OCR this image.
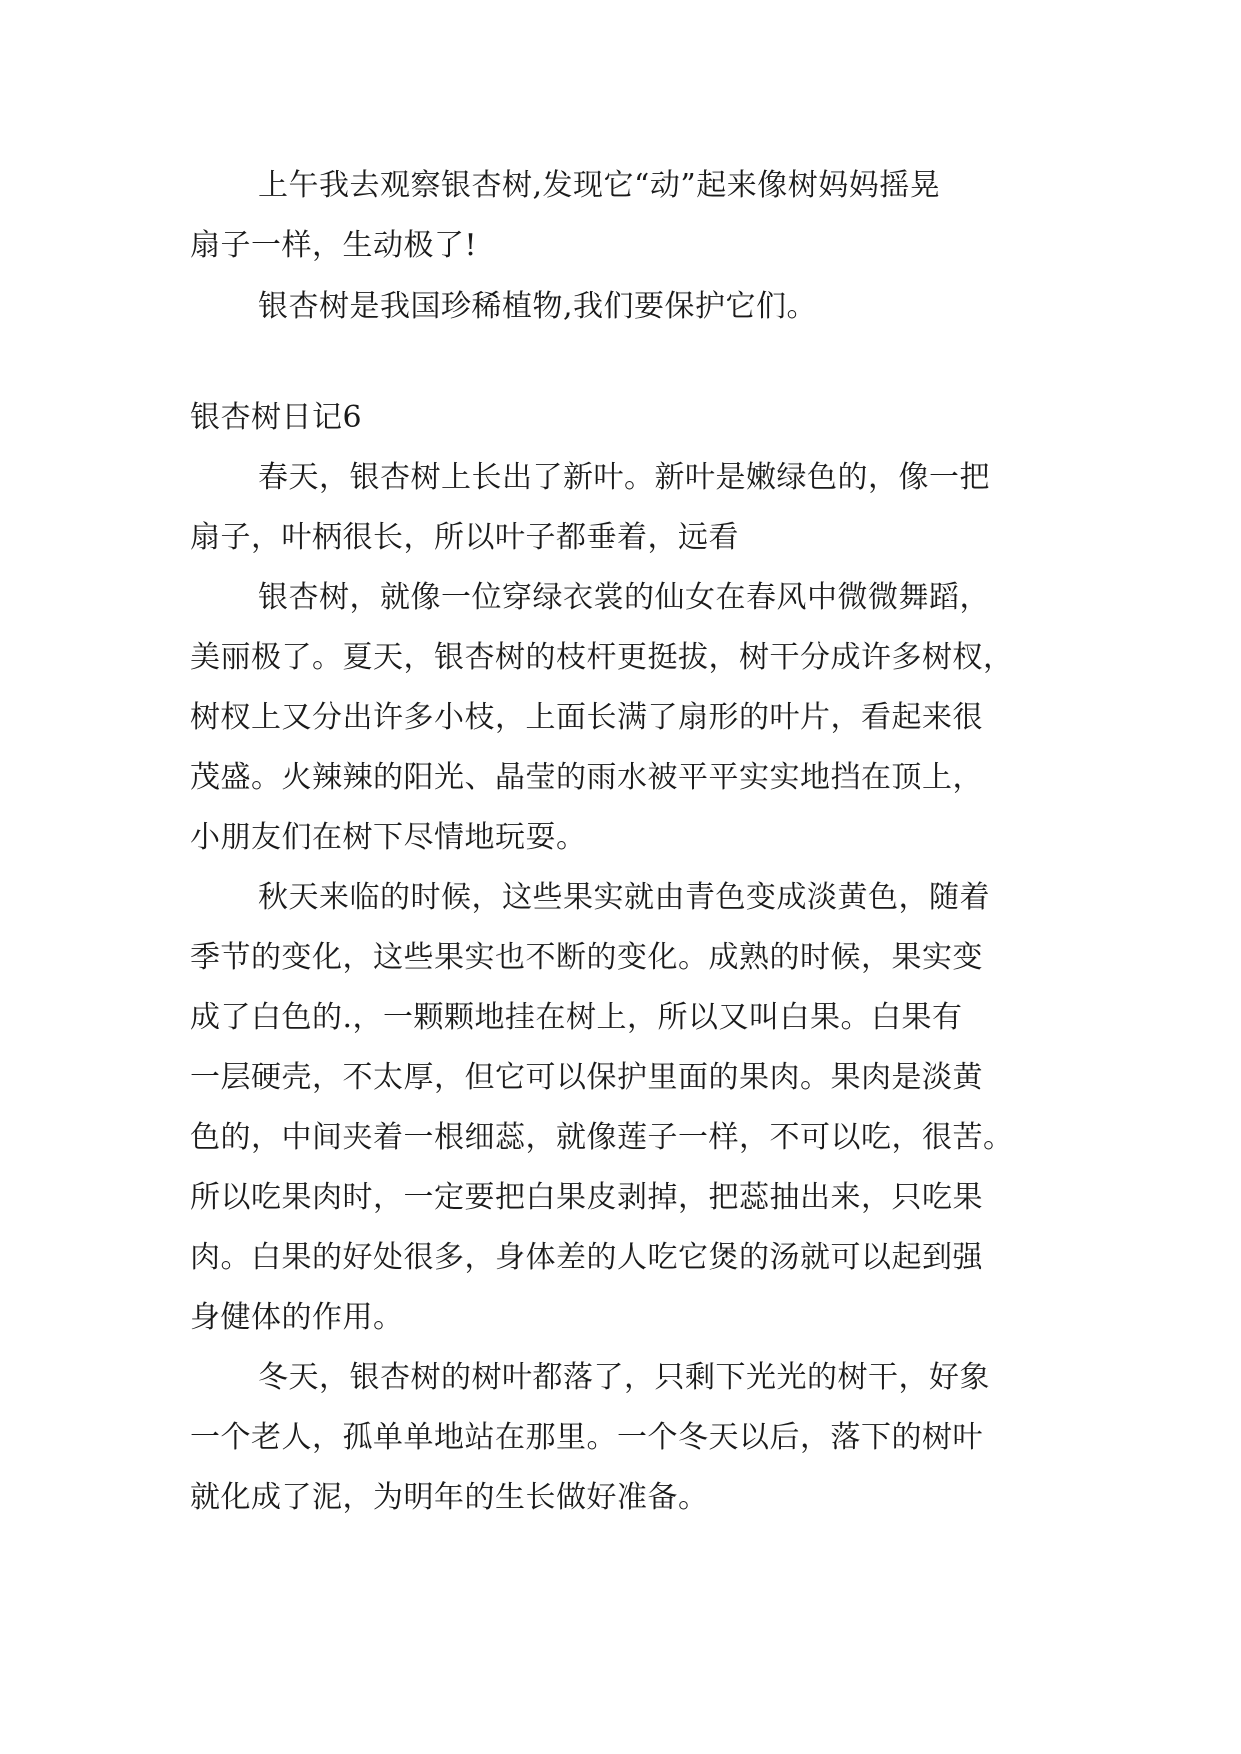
上午我去观察银杏树,发现它“动”起来像树妈妈摇晃
扇子一样，生动极了!
银杏树是我国珍稀植物,我们要保护它们。
银杏树日记6
春天，银杏树上长出了新叶。新叶是嫩绿色的，像一把
扇子，叶柄很长，所以叶子都垂着，远看
银杏树，就像一位穿绿衣裳的仙女在春风中微微舞蹈，
美丽极了。夏天，银杏树的枝杆更挺拔，树干分成许多树杈，
树杈上又分出许多小枝，上面长满了扇形的叶片，看起来很
茂盛。火辣辣的阳光、晶莹的雨水被平平实实地挡在顶上，
小朋友们在树下尽情地玩耍。
秋天来临的时候，这些果实就由青色变成淡黄色，随着
季节的变化，这些果实也不断的变化。成熟的时候，果实变
成了白色的.，一颗颗地挂在树上，所以又叫白果。白果有
一层硬壳，不太厚，但它可以保护里面的果肉。果肉是淡黄
色的，中间夹着一根细蕊，就像莲子一样，不可以吃，很苦。
所以吃果肉时，一定要把白果皮剥掉，把蕊抽出来，只吃果
肉。白果的好处很多，身体差的人吃它煲的汤就可以起到强
身健体的作用。
冬天，银杏树的树叶都落了，只剩下光光的树干，好象
一个老人，孤单单地站在那里。一个冬天以后，落下的树叶
就化成了泥，为明年的生长做好准备。
